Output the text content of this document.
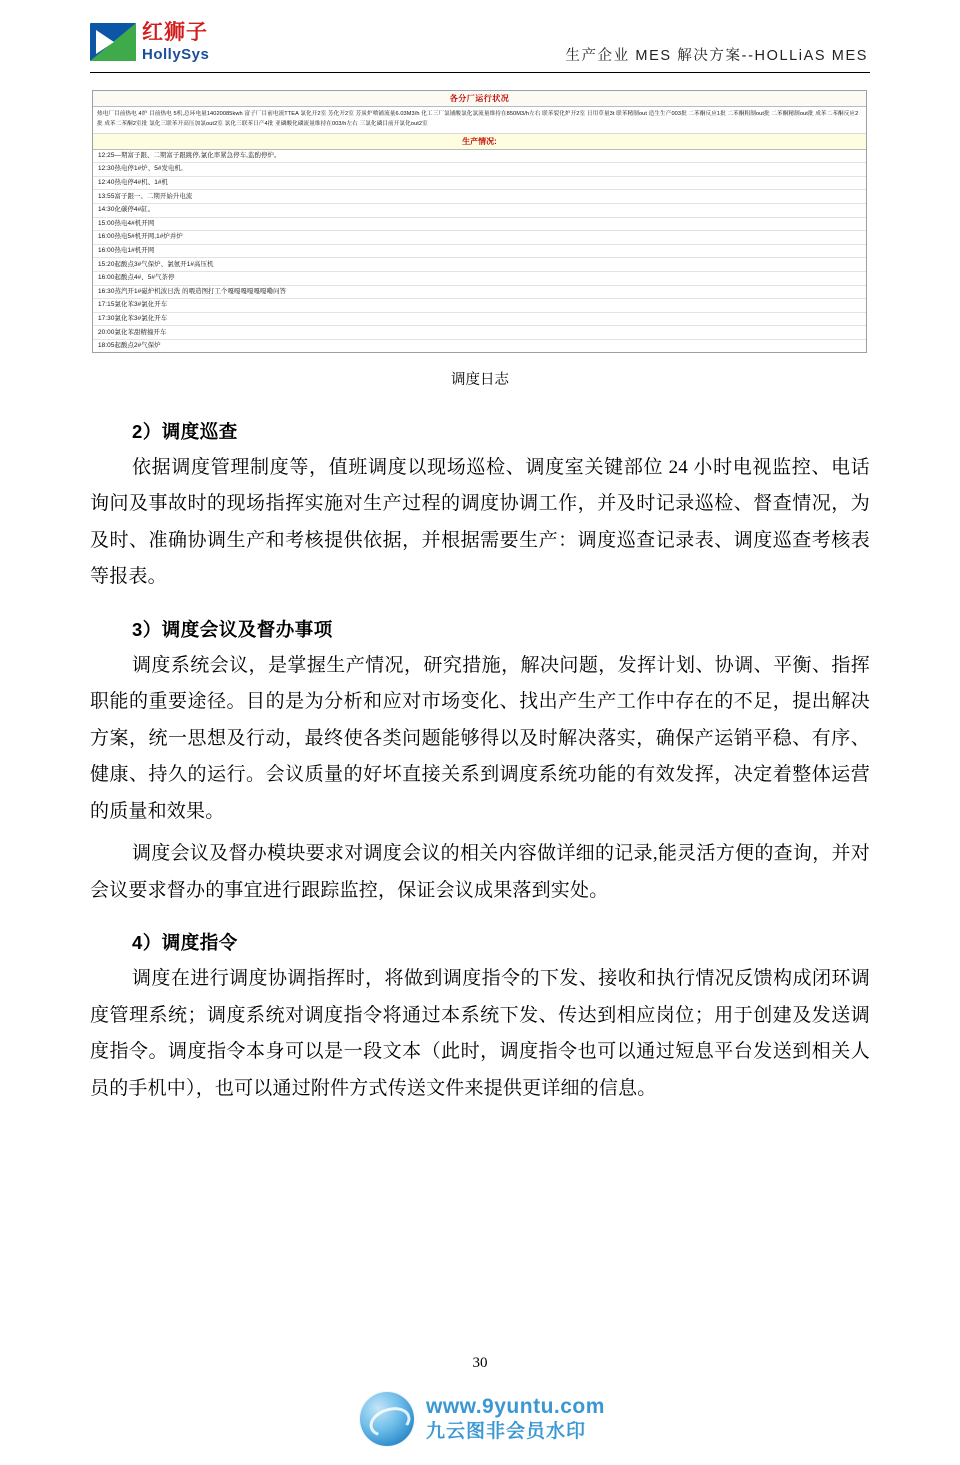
红狮子
HollySys	生产企业 MES 解决方案--HOLLiAS MES
各分厂运行状况
热电厂目前热电 4炉 目前热电 5机,总环电量14020085kwh 富子厂目前电流TTEA 氯化开2室 芳化开2室 芳炭炉喷铺流量6.03M3/h 化工三厂氯铺酸氯化氯流量维持在850M3/h左右 联苯裂化炉开2室 日用草量3t 联苯精制out 造生生产003批 二苯酮反应1批 二苯酮粗制out批 二苯酮精制out批 成苯二苯酮反应2批 成苯二苯酮2室批 氯化三联苯开高压加氯out2室 氯化三联苯日产4批 亚磷酸化磷流量维持在003/h左右 三氯化磷目前开氯化out2室
生产情况:
12:25—期富子跟、二期富子跟跳停,氯化率紧急停车,监酌停炉。
12:30热电停1#炉、5#发电机,
12:40热电停4#机、1#机
13:55富子跟一、二期开始升电流
14:30化碳停4#缸。
15:00热电4#机开网
16:00热电5#机开网,1#炉并炉
16:00热电1#机开网
15:20起酸点3#气保炉、氯氨开1#高压机
16:00起酸点4#、5#气茶停
16:30蒸汽开1#磁炉机波日洗 的喂造图打工个嘎嘎嘎嘎嘎嘎嘞问答
17:15氯化苯3#氯化开车
17:30氯化苯3#氯化开车
20:00氯化苯甜精撞开车
18:05起酸点2#气保炉
调度日志
2）调度巡查

依据调度管理制度等，值班调度以现场巡检、调度室关键部位 24 小时电视监控、电话询问及事故时的现场指挥实施对生产过程的调度协调工作，并及时记录巡检、督查情况，为及时、准确协调生产和考核提供依据，并根据需要生产：调度巡查记录表、调度巡查考核表等报表。

3）调度会议及督办事项

调度系统会议，是掌握生产情况，研究措施，解决问题，发挥计划、协调、平衡、指挥职能的重要途径。目的是为分析和应对市场变化、找出产生产工作中存在的不足，提出解决方案，统一思想及行动，最终使各类问题能够得以及时解决落实，确保产运销平稳、有序、健康、持久的运行。会议质量的好坏直接关系到调度系统功能的有效发挥，决定着整体运营的质量和效果。

调度会议及督办模块要求对调度会议的相关内容做详细的记录,能灵活方便的查询，并对会议要求督办的事宜进行跟踪监控，保证会议成果落到实处。

4）调度指令

调度在进行调度协调指挥时，将做到调度指令的下发、接收和执行情况反馈构成闭环调度管理系统；调度系统对调度指令将通过本系统下发、传达到相应岗位；用于创建及发送调度指令。调度指令本身可以是一段文本（此时，调度指令也可以通过短息平台发送到相关人员的手机中），也可以通过附件方式传送文件来提供更详细的信息。

30
www.9yuntu.com
九云图非会员水印
